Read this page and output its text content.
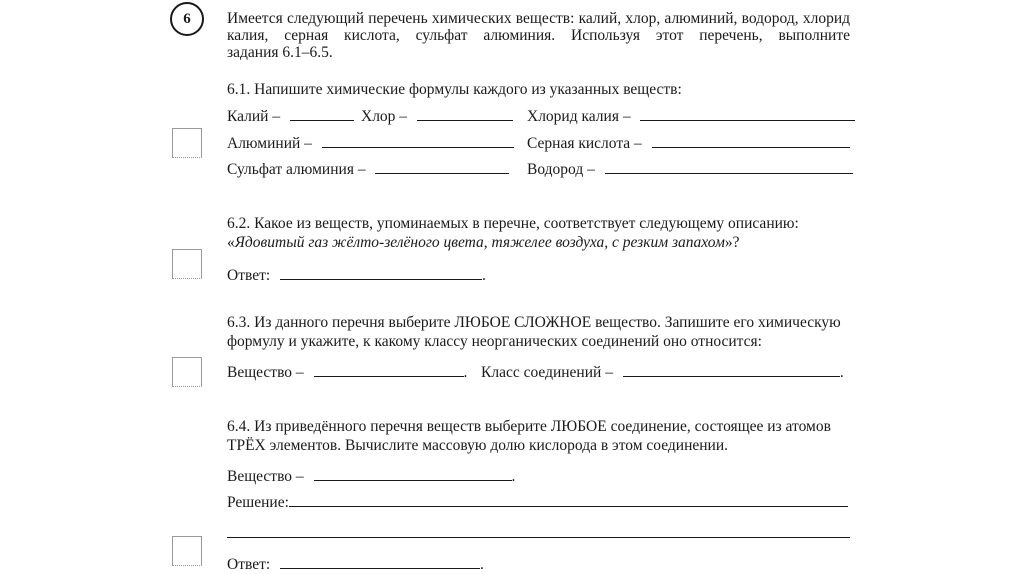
6 Имеется следующий перечень химических веществ: калий, хлор, алюминий, водород, хлорид
калия, серная кислота, сульфат алюминия. Используя этот перечень, выполните
задания 6.1–6.5.
6.1. Напишите химические формулы каждого из указанных веществ:
Калий –	Хлор –	Хлорид калия –
Алюминий –	Серная кислота –
Сульфат алюминия –	Водород –
6.2. Какое из веществ, упоминаемых в перечне, соответствует следующему описанию:
«Ядовитый газ жёлто-зелёного цвета, тяжелее воздуха, с резким запахом»?
Ответ:	.
6.3. Из данного перечня выберите ЛЮБОЕ СЛОЖНОЕ вещество. Запишите его химическую
формулу и укажите, к какому классу неорганических соединений оно относится:
Вещество –	. Класс соединений –	.
6.4. Из приведённого перечня веществ выберите ЛЮБОЕ соединение, состоящее из атомов
ТРЁХ элементов. Вычислите массовую долю кислорода в этом соединении.
Вещество –	.
Решение:
Ответ:	.
